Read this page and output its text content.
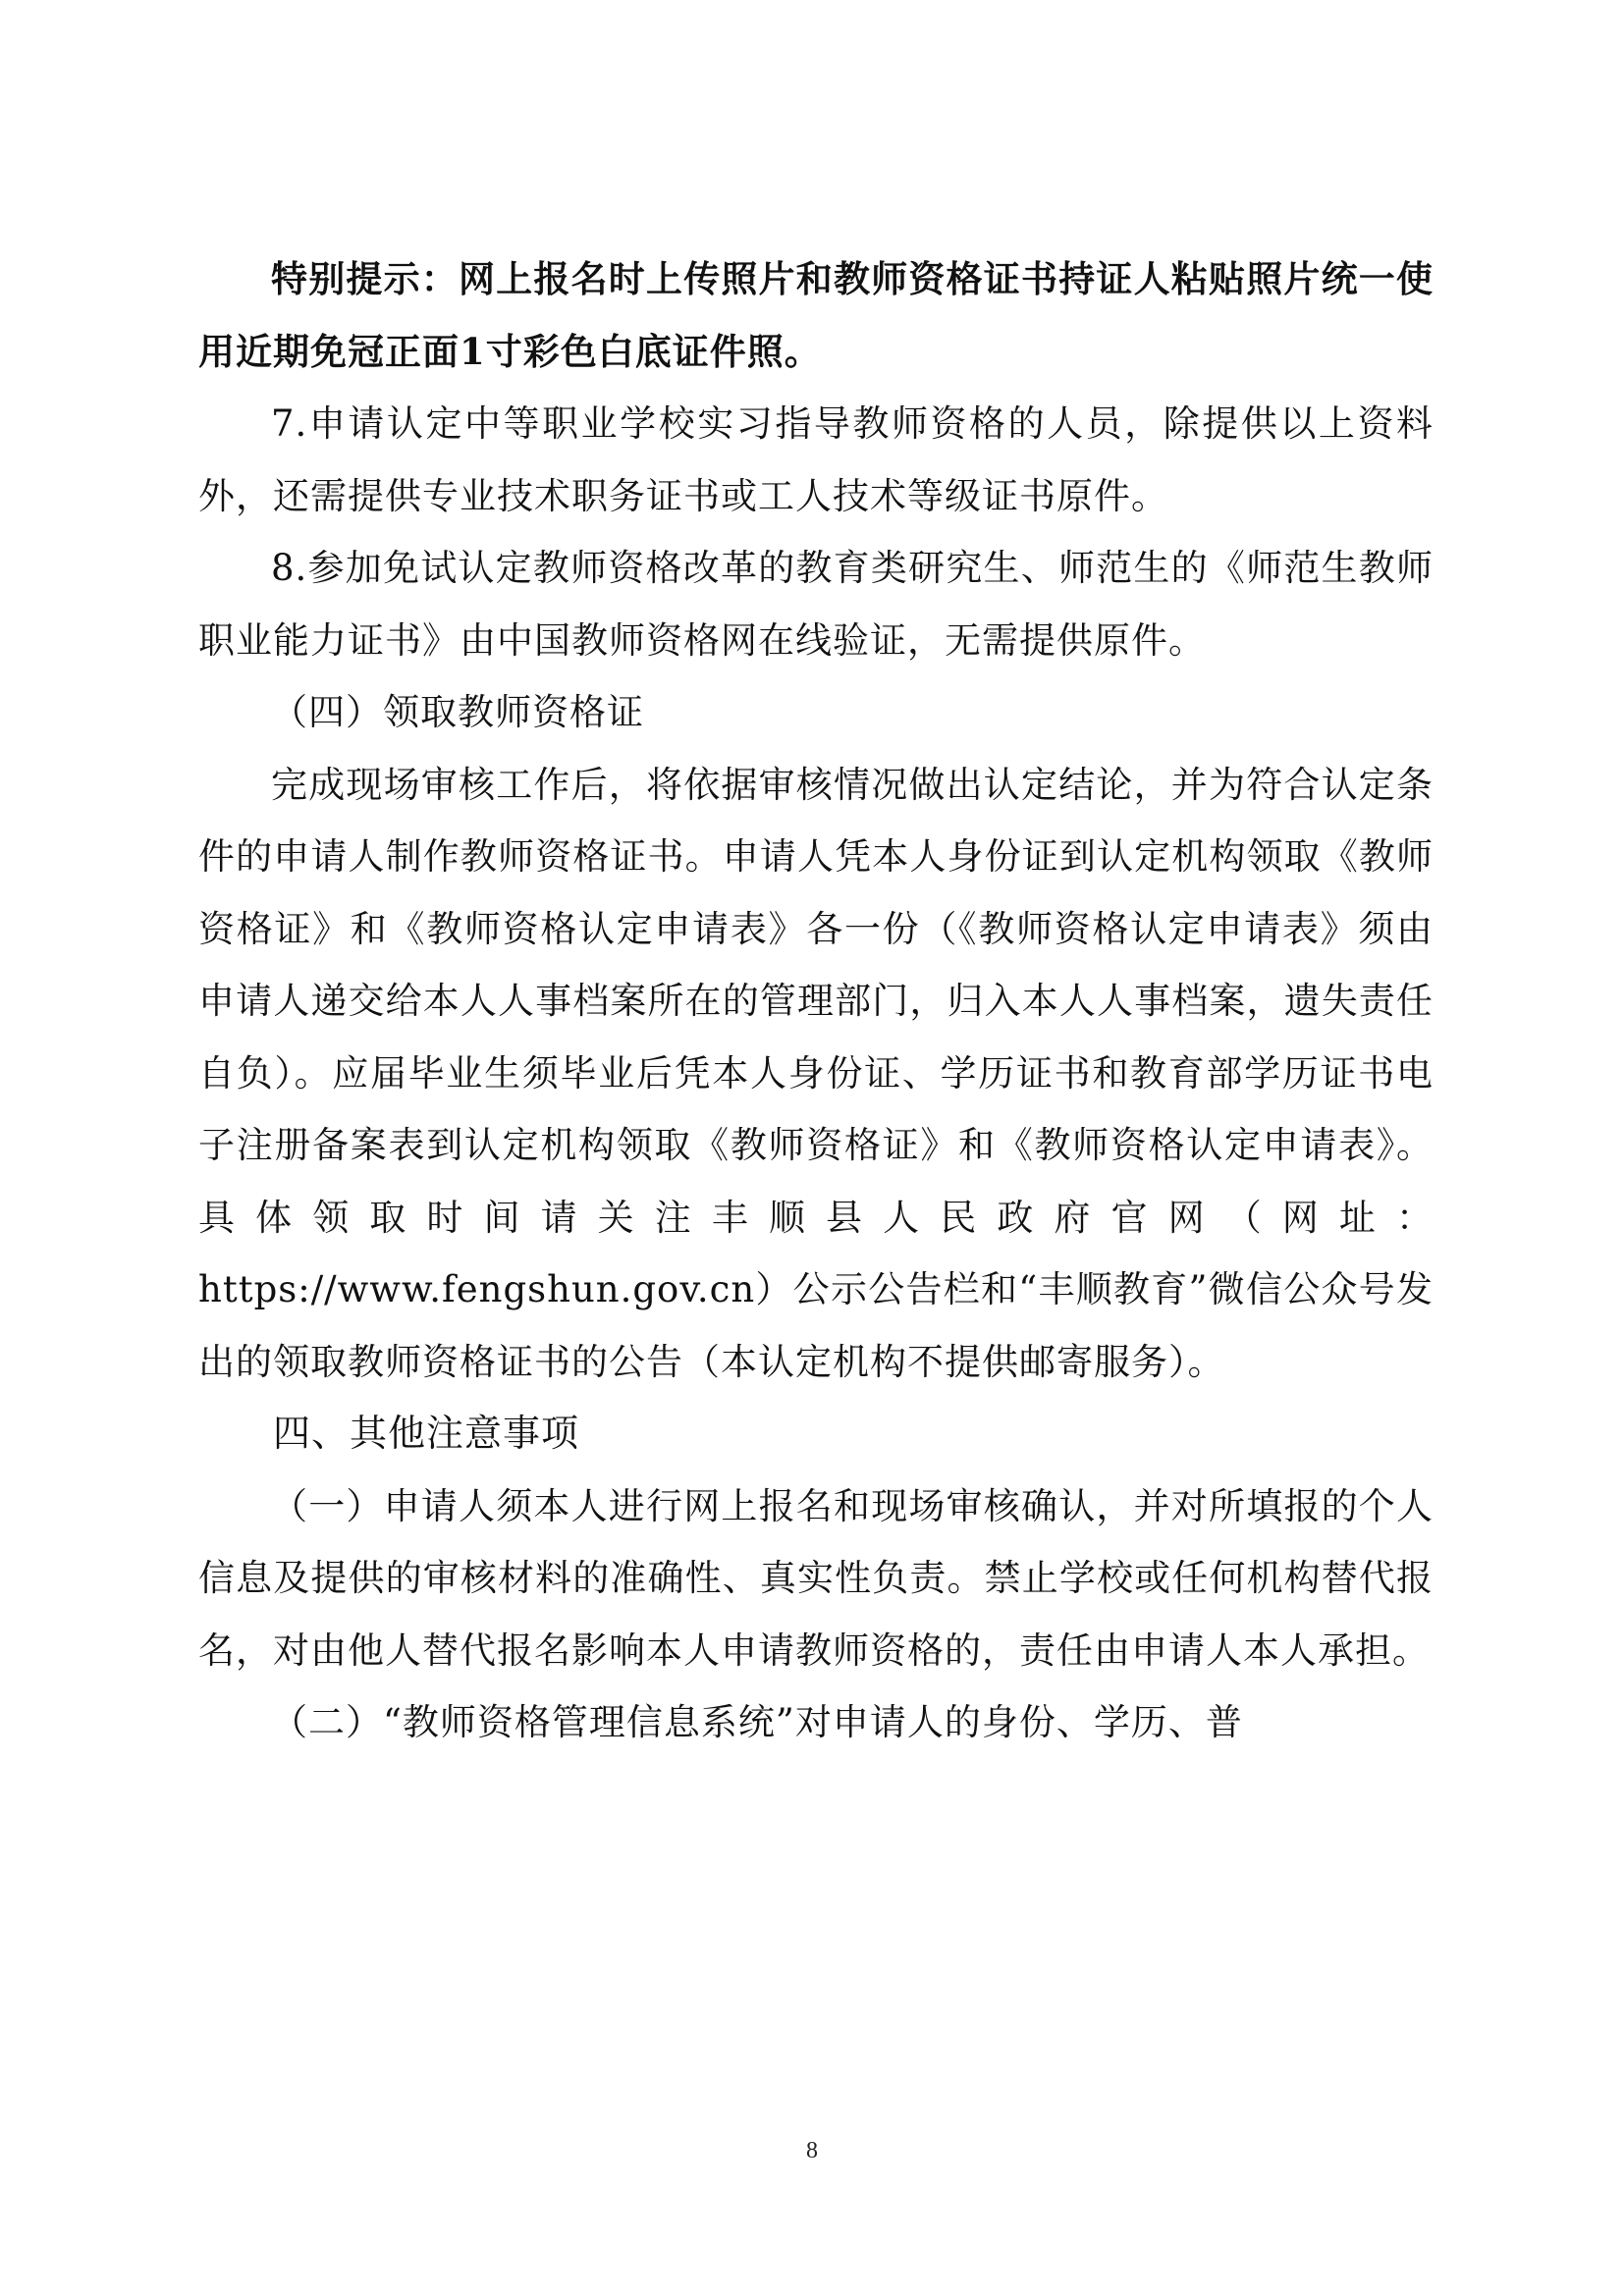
特别提示：网上报名时上传照片和教师资格证书持证人粘贴照片统一使用近期免冠正面1寸彩色白底证件照。

7.申请认定中等职业学校实习指导教师资格的人员，除提供以上资料外，还需提供专业技术职务证书或工人技术等级证书原件。

8.参加免试认定教师资格改革的教育类研究生、师范生的《师范生教师职业能力证书》由中国教师资格网在线验证，无需提供原件。

（四）领取教师资格证

完成现场审核工作后，将依据审核情况做出认定结论，并为符合认定条件的申请人制作教师资格证书。申请人凭本人身份证到认定机构领取《教师资格证》和《教师资格认定申请表》各一份（《教师资格认定申请表》须由申请人递交给本人人事档案所在的管理部门，归入本人人事档案，遗失责任自负）。应届毕业生须毕业后凭本人身份证、学历证书和教育部学历证书电子注册备案表到认定机构领取《教师资格证》和《教师资格认定申请表》。具体领取时间请关注丰顺县人民政府官网（网址：https://www.fengshun.gov.cn）公示公告栏和“丰顺教育”微信公众号发出的领取教师资格证书的公告（本认定机构不提供邮寄服务）。

四、其他注意事项

（一）申请人须本人进行网上报名和现场审核确认，并对所填报的个人信息及提供的审核材料的准确性、真实性负责。禁止学校或任何机构替代报名，对由他人替代报名影响本人申请教师资格的，责任由申请人本人承担。

（二）“教师资格管理信息系统”对申请人的身份、学历、普

8
